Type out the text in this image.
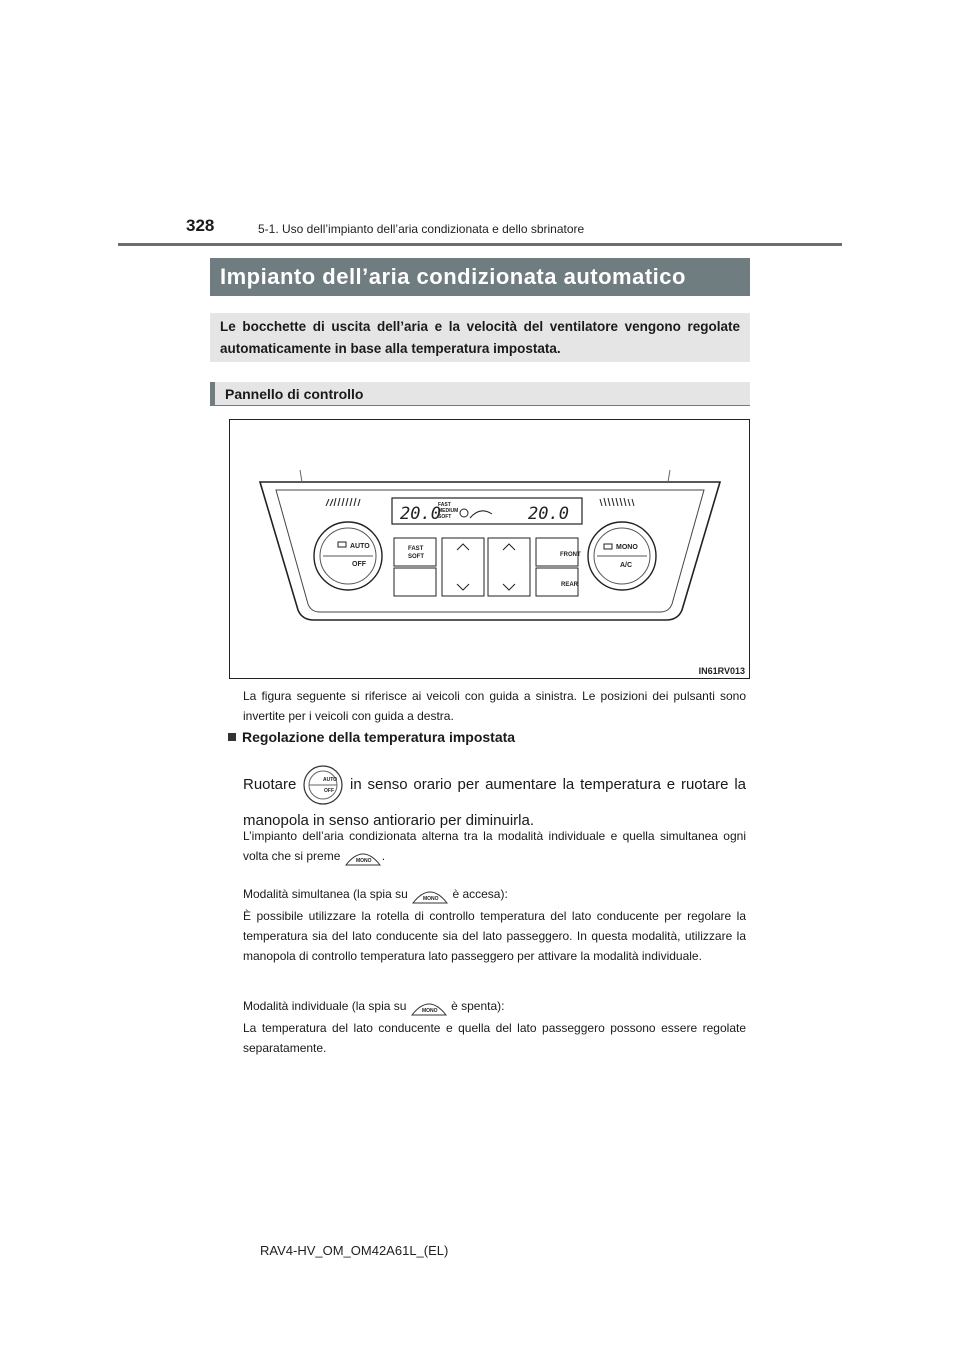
328	5-1. Uso dell’impianto dell’aria condizionata e dello sbrinatore
Impianto dell’aria condizionata automatico
Le bocchette di uscita dell’aria e la velocità del ventilatore vengono regolate automaticamente in base alla temperatura impostata.
Pannello di controllo
20.0
FAST
MEDIUM
SOFT	20.0
AUTO
OFF
MONO
A/C
FAST
SOFT	FRONT
REAR
IN61RV013
La figura seguente si riferisce ai veicoli con guida a sinistra. Le posizioni dei pulsanti sono invertite per i veicoli con guida a destra.
Regolazione della temperatura impostata
Ruotare	AUTO
OFF in senso orario per aumentare la temperatura e ruotare la manopola in senso antiorario per diminuirla.
L’impianto dell’aria condizionata alterna tra la modalità individuale e quella simultanea ogni volta che si preme	MONO .
Modalità simultanea (la spia su	MONO è accesa):
È possibile utilizzare la rotella di controllo temperatura del lato conducente per regolare la temperatura sia del lato conducente sia del lato passeggero. In questa modalità, utilizzare la manopola di controllo temperatura lato passeggero per attivare la modalità individuale.
Modalità individuale (la spia su	MONO è spenta):
La temperatura del lato conducente e quella del lato passeggero possono essere regolate separatamente.
RAV4-HV_OM_OM42A61L_(EL)
